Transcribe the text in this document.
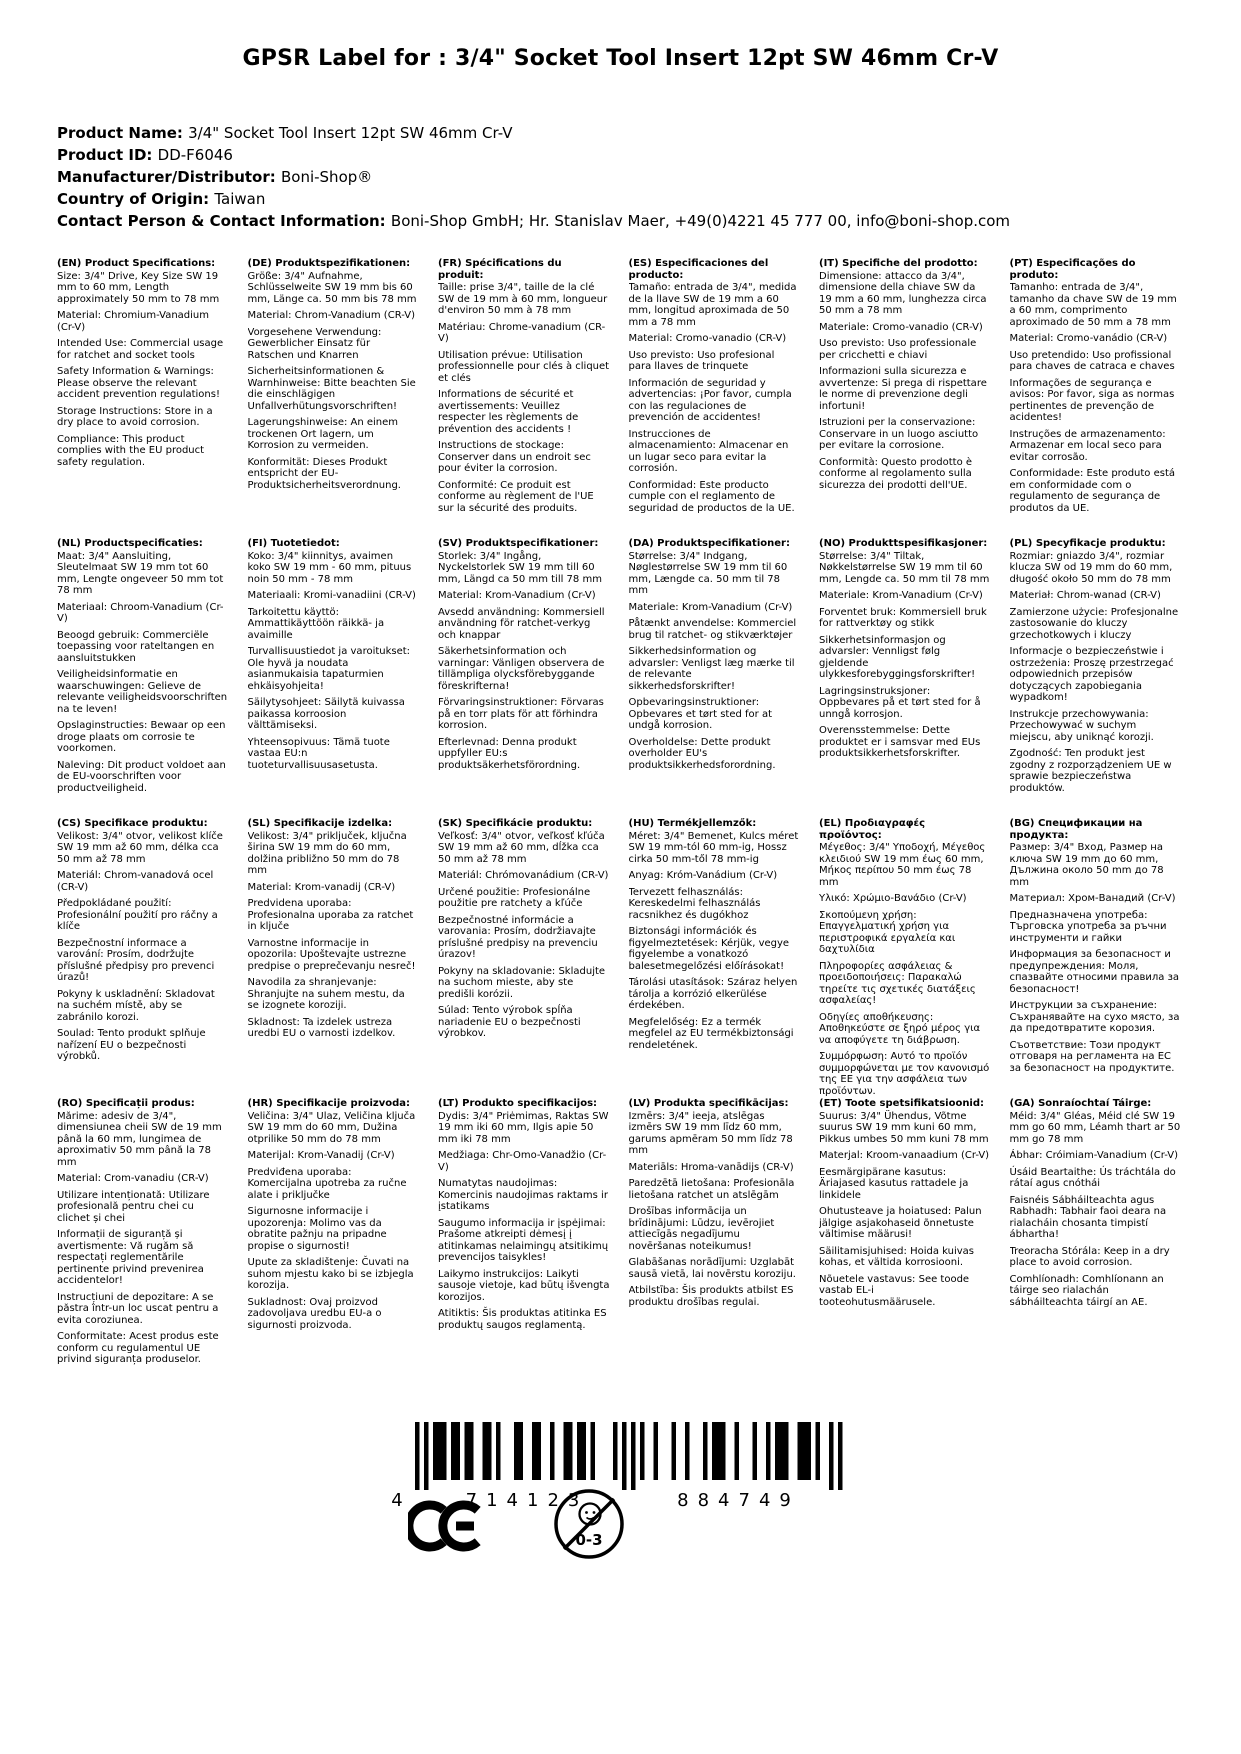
GPSR Label for : 3/4" Socket Tool Insert 12pt SW 46mm Cr-V
Product Name: 3/4" Socket Tool Insert 12pt SW 46mm Cr-V
Product ID: DD-F6046
Manufacturer/Distributor: Boni-Shop®
Country of Origin: Taiwan
Contact Person & Contact Information: Boni-Shop GmbH; Hr. Stanislav Maer, +49(0)4221 45 777 00, info@boni-shop.com

(EN) Product Specifications:

Size: 3/4" Drive, Key Size SW 19 mm to 60 mm, Length approximately 50 mm to 78 mm

Material: Chromium-Vanadium (Cr-V)

Intended Use: Commercial usage for ratchet and socket tools

Safety Information & Warnings: Please observe the relevant accident prevention regulations!

Storage Instructions: Store in a dry place to avoid corrosion.

Compliance: This product complies with the EU product safety regulation.

(DE) Produktspezifikationen:

Größe: 3/4" Aufnahme, Schlüsselweite SW 19 mm bis 60 mm, Länge ca. 50 mm bis 78 mm

Material: Chrom-Vanadium (CR-V)

Vorgesehene Verwendung: Gewerblicher Einsatz für Ratschen und Knarren

Sicherheitsinformationen & Warnhinweise: Bitte beachten Sie die einschlägigen Unfallverhütungsvorschriften!

Lagerungshinweise: An einem trockenen Ort lagern, um Korrosion zu vermeiden.

Konformität: Dieses Produkt entspricht der EU-Produktsicherheitsverordnung.

(FR) Spécifications du produit:

Taille: prise 3/4", taille de la clé SW de 19 mm à 60 mm, longueur d'environ 50 mm à 78 mm

Matériau: Chrome-vanadium (CR-V)

Utilisation prévue: Utilisation professionnelle pour clés à cliquet et clés

Informations de sécurité et avertissements: Veuillez respecter les règlements de prévention des accidents !

Instructions de stockage: Conserver dans un endroit sec pour éviter la corrosion.

Conformité: Ce produit est conforme au règlement de l'UE sur la sécurité des produits.

(ES) Especificaciones del producto:

Tamaño: entrada de 3/4", medida de la llave SW de 19 mm a 60 mm, longitud aproximada de 50 mm a 78 mm

Material: Cromo-vanadio (CR-V)

Uso previsto: Uso profesional para llaves de trinquete

Información de seguridad y advertencias: ¡Por favor, cumpla con las regulaciones de prevención de accidentes!

Instrucciones de almacenamiento: Almacenar en un lugar seco para evitar la corrosión.

Conformidad: Este producto cumple con el reglamento de seguridad de productos de la UE.

(IT) Specifiche del prodotto:

Dimensione: attacco da 3/4", dimensione della chiave SW da 19 mm a 60 mm, lunghezza circa 50 mm a 78 mm

Materiale: Cromo-vanadio (CR-V)

Uso previsto: Uso professionale per cricchetti e chiavi

Informazioni sulla sicurezza e avvertenze: Si prega di rispettare le norme di prevenzione degli infortuni!

Istruzioni per la conservazione: Conservare in un luogo asciutto per evitare la corrosione.

Conformità: Questo prodotto è conforme al regolamento sulla sicurezza dei prodotti dell'UE.

(PT) Especificações do produto:

Tamanho: entrada de 3/4", tamanho da chave SW de 19 mm a 60 mm, comprimento aproximado de 50 mm a 78 mm

Material: Cromo-vanádio (CR-V)

Uso pretendido: Uso profissional para chaves de catraca e chaves

Informações de segurança e avisos: Por favor, siga as normas pertinentes de prevenção de acidentes!

Instruções de armazenamento: Armazenar em local seco para evitar corrosão.

Conformidade: Este produto está em conformidade com o regulamento de segurança de produtos da UE.

(NL) Productspecificaties:

Maat: 3/4" Aansluiting, Sleutelmaat SW 19 mm tot 60 mm, Lengte ongeveer 50 mm tot 78 mm

Materiaal: Chroom-Vanadium (Cr-V)

Beoogd gebruik: Commerciële toepassing voor rateltangen en aansluitstukken

Veiligheidsinformatie en waarschuwingen: Gelieve de relevante veiligheidsvoorschriften na te leven!

Opslaginstructies: Bewaar op een droge plaats om corrosie te voorkomen.

Naleving: Dit product voldoet aan de EU-voorschriften voor productveiligheid.

(FI) Tuotetiedot:

Koko: 3/4" kiinnitys, avaimen koko SW 19 mm - 60 mm, pituus noin 50 mm - 78 mm

Materiaali: Kromi-vanadiini (CR-V)

Tarkoitettu käyttö: Ammattikäyttöön räikkä- ja avaimille

Turvallisuustiedot ja varoitukset: Ole hyvä ja noudata asianmukaisia tapaturmien ehkäisyohjeita!

Säilytysohjeet: Säilytä kuivassa paikassa korroosion välttämiseksi.

Yhteensopivuus: Tämä tuote vastaa EU:n tuoteturvallisuusasetusta.

(SV) Produktspecifikationer:

Storlek: 3/4" Ingång, Nyckelstorlek SW 19 mm till 60 mm, Längd ca 50 mm till 78 mm

Material: Krom-Vanadium (Cr-V)

Avsedd användning: Kommersiell användning för ratchet-verkyg och knappar

Säkerhetsinformation och varningar: Vänligen observera de tillämpliga olycksförebyggande föreskrifterna!

Förvaringsinstruktioner: Förvaras på en torr plats för att förhindra korrosion.

Efterlevnad: Denna produkt uppfyller EU:s produktsäkerhetsförordning.

(DA) Produktspecifikationer:

Størrelse: 3/4" Indgang, Nøglestørrelse SW 19 mm til 60 mm, Længde ca. 50 mm til 78 mm

Materiale: Krom-Vanadium (Cr-V)

Påtænkt anvendelse: Kommerciel brug til ratchet- og stikværktøjer

Sikkerhedsinformation og advarsler: Venligst læg mærke til de relevante sikkerhedsforskrifter!

Opbevaringsinstruktioner: Opbevares et tørt sted for at undgå korrosion.

Overholdelse: Dette produkt overholder EU's produktsikkerhedsforordning.

(NO) Produkttspesifikasjoner:

Størrelse: 3/4" Tiltak, Nøkkelstørrelse SW 19 mm til 60 mm, Lengde ca. 50 mm til 78 mm

Materiale: Krom-Vanadium (Cr-V)

Forventet bruk: Kommersiell bruk for rattverktøy og stikk

Sikkerhetsinformasjon og advarsler: Vennligst følg gjeldende ulykkesforebyggingsforskrifter!

Lagringsinstruksjoner: Oppbevares på et tørt sted for å unngå korrosjon.

Overensstemmelse: Dette produktet er i samsvar med EUs produktsikkerhetsforskrifter.

(PL) Specyfikacje produktu:

Rozmiar: gniazdo 3/4", rozmiar klucza SW od 19 mm do 60 mm, długość około 50 mm do 78 mm

Materiał: Chrom-wanad (CR-V)

Zamierzone użycie: Profesjonalne zastosowanie do kluczy grzechotkowych i kluczy

Informacje o bezpieczeństwie i ostrzeżenia: Proszę przestrzegać odpowiednich przepisów dotyczących zapobiegania wypadkom!

Instrukcje przechowywania: Przechowywać w suchym miejscu, aby uniknąć korozji.

Zgodność: Ten produkt jest zgodny z rozporządzeniem UE w sprawie bezpieczeństwa produktów.

(CS) Specifikace produktu:

Velikost: 3/4" otvor, velikost klíče SW 19 mm až 60 mm, délka cca 50 mm až 78 mm

Materiál: Chrom-vanadová ocel (CR-V)

Předpokládané použití: Profesionální použití pro ráčny a klíče

Bezpečnostní informace a varování: Prosím, dodržujte příslušné předpisy pro prevenci úrazů!

Pokyny k uskladnění: Skladovat na suchém místě, aby se zabránilo korozi.

Soulad: Tento produkt splňuje nařízení EU o bezpečnosti výrobků.

(SL) Specifikacije izdelka:

Velikost: 3/4" priključek, ključna širina SW 19 mm do 60 mm, dolžina približno 50 mm do 78 mm

Material: Krom-vanadij (CR-V)

Predvidena uporaba: Profesionalna uporaba za ratchet in ključe

Varnostne informacije in opozorila: Upoštevajte ustrezne predpise o preprečevanju nesreč!

Navodila za shranjevanje: Shranjujte na suhem mestu, da se izognete koroziji.

Skladnost: Ta izdelek ustreza uredbi EU o varnosti izdelkov.

(SK) Špecifikácie produktu:

Veľkosť: 3/4" otvor, veľkosť kľúča SW 19 mm až 60 mm, dĺžka cca 50 mm až 78 mm

Materiál: Chrómovanádium (CR-V)

Určené použitie: Profesionálne použitie pre ratchety a kľúče

Bezpečnostné informácie a varovania: Prosím, dodržiavajte príslušné predpisy na prevenciu úrazov!

Pokyny na skladovanie: Skladujte na suchom mieste, aby ste predišli korózii.

Súlad: Tento výrobok spĺňa nariadenie EU o bezpečnosti výrobkov.

(HU) Termékjellemzők:

Méret: 3/4" Bemenet, Kulcs méret SW 19 mm-tól 60 mm-ig, Hossz cirka 50 mm-től 78 mm-ig

Anyag: Króm-Vanádium (Cr-V)

Tervezett felhasználás: Kereskedelmi felhasználás racsnikhez és dugókhoz

Biztonsági információk és figyelmeztetések: Kérjük, vegye figyelembe a vonatkozó balesetmegelőzési előírásokat!

Tárolási utasítások: Száraz helyen tárolja a korrózió elkerülése érdekében.

Megfelelőség: Ez a termék megfelel az EU termékbiztonsági rendeletének.

(EL) Προδιαγραφές προϊόντος:

Μέγεθος: 3/4" Υποδοχή, Μέγεθος κλειδιού SW 19 mm έως 60 mm, Μήκος περίπου 50 mm έως 78 mm

Υλικό: Χρώμιο-Βανάδιο (Cr-V)

Σκοπούμενη χρήση: Επαγγελματική χρήση για περιστροφικά εργαλεία και δαχτυλίδια

Πληροφορίες ασφάλειας & προειδοποιήσεις: Παρακαλώ τηρείτε τις σχετικές διατάξεις ασφαλείας!

Οδηγίες αποθήκευσης: Αποθηκεύστε σε ξηρό μέρος για να αποφύγετε τη διάβρωση.

Συμμόρφωση: Αυτό το προϊόν συμμορφώνεται με τον κανονισμό της ΕΕ για την ασφάλεια των προϊόντων.

(BG) Спецификации на продукта:

Размер: 3/4" Вход, Размер на ключа SW 19 mm до 60 mm, Дължина около 50 mm до 78 mm

Материал: Хром-Ванадий (Cr-V)

Предназначена употреба: Търговска употреба за ръчни инструменти и гайки

Информация за безопасност и предупреждения: Моля, спазвайте относими правила за безопасност!

Инструкции за съхранение: Съхранявайте на сухо място, за да предотвратите корозия.

Съответствие: Този продукт отговаря на регламента на ЕС за безопасност на продуктите.

(RO) Specificații produs:

Mărime: adesiv de 3/4", dimensiunea cheii SW de 19 mm până la 60 mm, lungimea de aproximativ 50 mm până la 78 mm

Material: Crom-vanadiu (CR-V)

Utilizare intenționată: Utilizare profesională pentru chei cu clichet și chei

Informații de siguranță și avertismente: Vă rugăm să respectați reglementările pertinente privind prevenirea accidentelor!

Instrucțiuni de depozitare: A se păstra într-un loc uscat pentru a evita coroziunea.

Conformitate: Acest produs este conform cu regulamentul UE privind siguranța produselor.

(HR) Specifikacije proizvoda:

Veličina: 3/4" Ulaz, Veličina ključa SW 19 mm do 60 mm, Dužina otprilike 50 mm do 78 mm

Materijal: Krom-Vanadij (Cr-V)

Predviđena uporaba: Komercijalna upotreba za ručne alate i priključke

Sigurnosne informacije i upozorenja: Molimo vas da obratite pažnju na pripadne propise o sigurnosti!

Upute za skladištenje: Čuvati na suhom mjestu kako bi se izbjegla korozija.

Sukladnost: Ovaj proizvod zadovoljava uredbu EU-a o sigurnosti proizvoda.

(LT) Produkto specifikacijos:

Dydis: 3/4" Priėmimas, Raktas SW 19 mm iki 60 mm, Ilgis apie 50 mm iki 78 mm

Medžiaga: Chr-Omo-Vanadžio (Cr-V)

Numatytas naudojimas: Komercinis naudojimas raktams ir įstatikams

Saugumo informacija ir įspėjimai: Prašome atkreipti dėmesį į atitinkamas nelaimingų atsitikimų prevencijos taisykles!

Laikymo instrukcijos: Laikyti sausoje vietoje, kad būtų išvengta korozijos.

Atitiktis: Šis produktas atitinka ES produktų saugos reglamentą.

(LV) Produkta specifikācijas:

Izmērs: 3/4" ieeja, atslēgas izmērs SW 19 mm līdz 60 mm, garums apmēram 50 mm līdz 78 mm

Materiāls: Hroma-vanādijs (CR-V)

Paredzētā lietošana: Profesionāla lietošana ratchet un atslēgām

Drošības informācija un brīdinājumi: Lūdzu, ievērojiet attiecīgās negadījumu novēršanas noteikumus!

Glabāšanas norādījumi: Uzglabāt sausā vietā, lai novērstu koroziju.

Atbilstība: Šis produkts atbilst ES produktu drošības regulai.

(ET) Toote spetsifikatsioonid:

Suurus: 3/4" Ühendus, Võtme suurus SW 19 mm kuni 60 mm, Pikkus umbes 50 mm kuni 78 mm

Materjal: Kroom-vanaadium (Cr-V)

Eesmärgipärane kasutus: Äriajased kasutus rattadele ja linkidele

Ohutusteave ja hoiatused: Palun jälgige asjakohaseid õnnetuste vältimise määrusi!

Säilitamisjuhised: Hoida kuivas kohas, et vältida korrosiooni.

Nõuetele vastavus: See toode vastab EL-i tooteohutusmäärusele.

(GA) Sonraíochtaí Táirge:

Méid: 3/4" Gléas, Méid clé SW 19 mm go 60 mm, Léamh thart ar 50 mm go 78 mm

Ábhar: Cróimiam-Vanadium (Cr-V)

Úsáid Beartaithe: Ús tráchtála do rátaí agus cnóthái

Faisnéis Sábháilteachta agus Rabhadh: Tabhair faoi deara na rialacháin chosanta timpistí ábhartha!

Treoracha Stórála: Keep in a dry place to avoid corrosion.

Comhlíonadh: Comhlíonann an táirge seo rialachán sábháilteachta táirgí an AE.

4	714123	884749
0-3
